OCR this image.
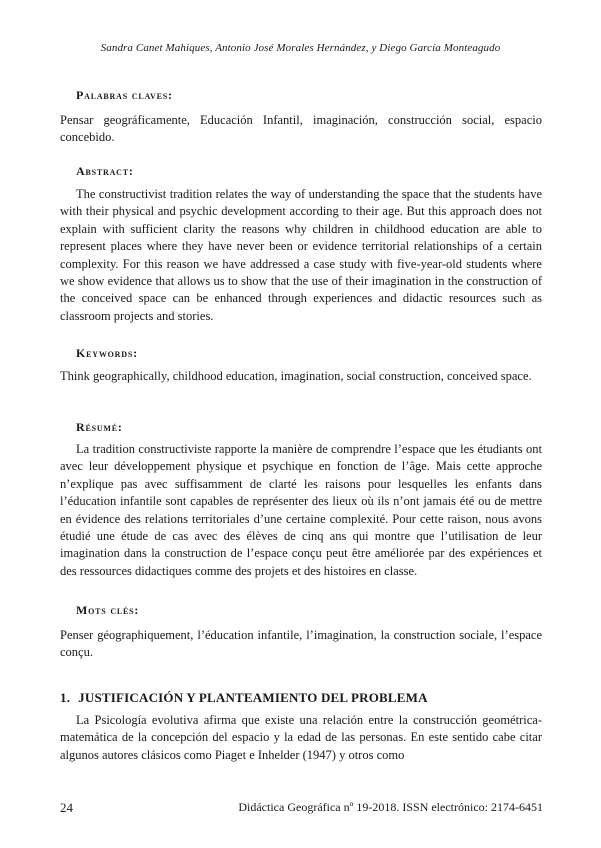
Sandra Canet Mahiques, Antonio José Morales Hernández, y Diego García Monteagudo
Palabras claves:

Pensar geográficamente, Educación Infantil, imaginación, construcción social, espacio concebido.

Abstract:

The constructivist tradition relates the way of understanding the space that the students have with their physical and psychic development according to their age. But this approach does not explain with sufficient clarity the reasons why children in childhood education are able to represent places where they have never been or evidence territorial relationships of a certain complexity. For this reason we have addressed a case study with five-year-old students where we show evidence that allows us to show that the use of their imagination in the construction of the conceived space can be enhanced through experiences and didactic resources such as classroom projects and stories.

Keywords:

Think geographically, childhood education, imagination, social construction, conceived space.

Résumé:

La tradition constructiviste rapporte la manière de comprendre l’espace que les étudiants ont avec leur développement physique et psychique en fonction de l’âge. Mais cette approche n’explique pas avec suffisamment de clarté les raisons pour lesquelles les enfants dans l’éducation infantile sont capables de représenter des lieux où ils n’ont jamais été ou de mettre en évidence des relations territoriales d’une certaine complexité. Pour cette raison, nous avons étudié une étude de cas avec des élèves de cinq ans qui montre que l’utilisation de leur imagination dans la construction de l’espace conçu peut être améliorée par des expériences et des ressources didactiques comme des projets et des histoires en classe.

Mots clés:

Penser géographiquement, l’éducation infantile, l’imagination, la construction sociale, l’espace conçu.

1. JUSTIFICACIÓN Y PLANTEAMIENTO DEL PROBLEMA

La Psicología evolutiva afirma que existe una relación entre la construcción geométrica-matemática de la concepción del espacio y la edad de las personas. En este sentido cabe citar algunos autores clásicos como Piaget e Inhelder (1947) y otros como

24	Didáctica Geográfica nº 19-2018. ISSN electrónico: 2174-6451
